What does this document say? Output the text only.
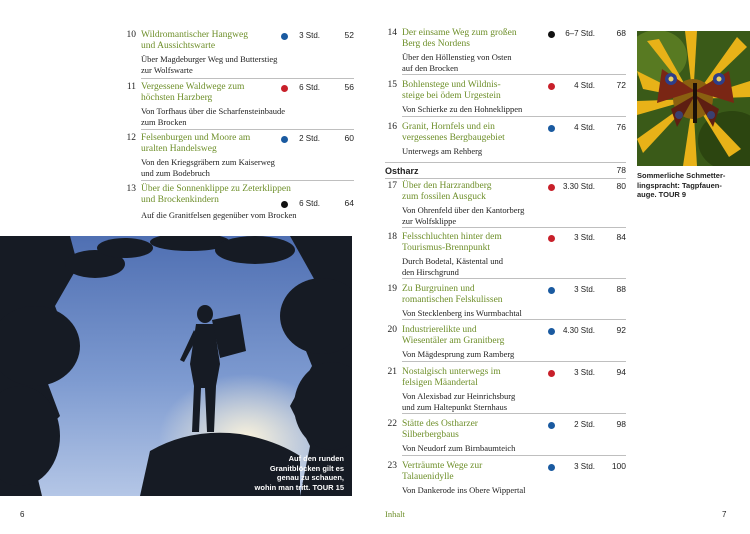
Auf den runden
Granitblöcken gilt es
genau zu schauen,
wohin man tritt. TOUR 15
Sommerliche Schmetter-
lingspracht: Tagpfauen-
auge. TOUR 9
10 Wildromantischer Hangweg
und Aussichtswarte
Über Magdeburger Weg und Butterstieg
zur Wolfswarte
3 Std.	52
11 Vergessene Waldwege zum
höchsten Harzberg
Von Torfhaus über die Scharfensteinbaude
zum Brocken
6 Std.	56
12 Felsenburgen und Moore am
uralten Handelsweg
Von den Kriegsgräbern zum Kaiserweg
und zum Bodebruch
2 Std.	60
13 Über die Sonnenklippe zu Zeterklippen
und Brockenkindern
Auf die Granitfelsen gegenüber vom Brocken
6 Std.	64
14 Der einsame Weg zum großen
Berg des Nordens
Über den Höllenstieg von Osten
auf den Brocken
6–7 Std.	68
15 Bohlenstege und Wildnis-
steige bei ödem Urgestein
Von Schierke zu den Hohneklippen
4 Std.	72
16 Granit, Hornfels und ein
vergessenes Bergbaugebiet
Unterwegs am Rehberg
4 Std.	76
Ostharz	78
17 Über den Harzrandberg
zum fossilen Ausguck
Von Ohrenfeld über den Kantorberg
zur Wolfsklippe
3.30 Std.	80
18 Felsschluchten hinter dem
Tourismus-Brennpunkt
Durch Bodetal, Kästental und
den Hirschgrund
3 Std.	84
19 Zu Burgruinen und
romantischen Felskulissen
Von Stecklenberg ins Wurmbachtal
3 Std.	88
20 Industrierelikte und
Wiesentäler am Granitberg
Von Mägdesprung zum Ramberg
4.30 Std.	92
21 Nostalgisch unterwegs im
felsigen Mäandertal
Von Alexisbad zur Heinrichsburg
und zum Haltepunkt Sternhaus
3 Std.	94
22 Stätte des Ostharzer
Silberbergbaus
Von Neudorf zum Birnbaumteich
2 Std.	98
23 Verträumte Wege zur
Talauenidylle
Von Dankerode ins Obere Wippertal
3 Std. 100
6	Inhalt	7
